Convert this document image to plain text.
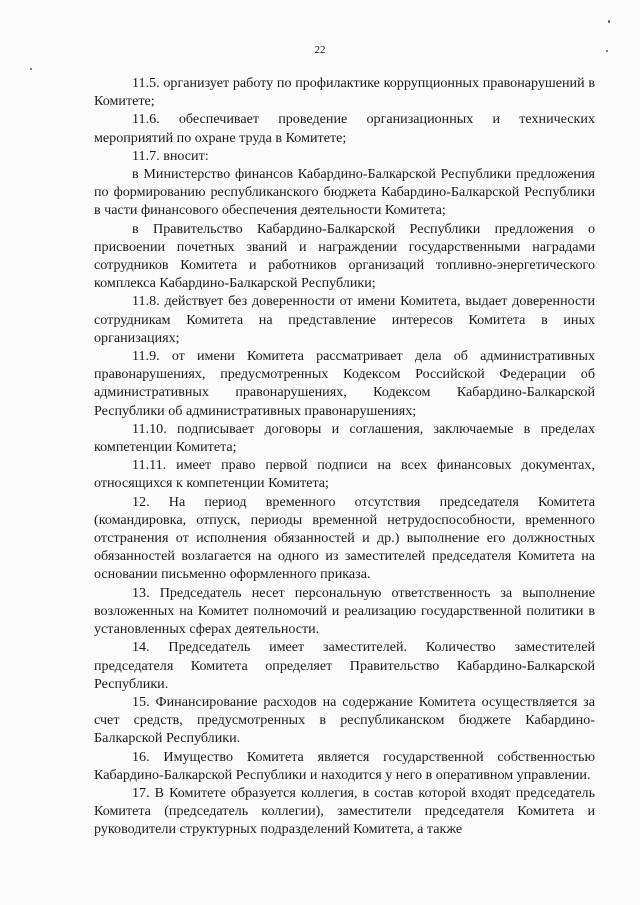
22

11.5. организует работу по профилактике коррупционных правонарушений в Комитете;

11.6. обеспечивает проведение организационных и технических мероприятий по охране труда в Комитете;

11.7. вносит:

в Министерство финансов Кабардино-Балкарской Республики предложения по формированию республиканского бюджета Кабардино-Балкарской Республики в части финансового обеспечения деятельности Комитета;

в Правительство Кабардино-Балкарской Республики предложения о присвоении почетных званий и награждении государственными наградами сотрудников Комитета и работников организаций топливно-энергетического комплекса Кабардино-Балкарской Республики;

11.8. действует без доверенности от имени Комитета, выдает доверенности сотрудникам Комитета на представление интересов Комитета в иных организациях;

11.9. от имени Комитета рассматривает дела об административных правонарушениях, предусмотренных Кодексом Российской Федерации об административных правонарушениях, Кодексом Кабардино-Балкарской Республики об административных правонарушениях;

11.10. подписывает договоры и соглашения, заключаемые в пределах компетенции Комитета;

11.11. имеет право первой подписи на всех финансовых документах, относящихся к компетенции Комитета;

12. На период временного отсутствия председателя Комитета (командировка, отпуск, периоды временной нетрудоспособности, временного отстранения от исполнения обязанностей и др.) выполнение его должностных обязанностей возлагается на одного из заместителей председателя Комитета на основании письменно оформленного приказа.

13. Председатель несет персональную ответственность за выполнение возложенных на Комитет полномочий и реализацию государственной политики в установленных сферах деятельности.

14. Председатель имеет заместителей. Количество заместителей председателя Комитета определяет Правительство Кабардино-Балкарской Республики.

15. Финансирование расходов на содержание Комитета осуществляется за счет средств, предусмотренных в республиканском бюджете Кабардино-Балкарской Республики.

16. Имущество Комитета является государственной собственностью Кабардино-Балкарской Республики и находится у него в оперативном управлении.

17. В Комитете образуется коллегия, в состав которой входят председатель Комитета (председатель коллегии), заместители председателя Комитета и руководители структурных подразделений Комитета, а также
